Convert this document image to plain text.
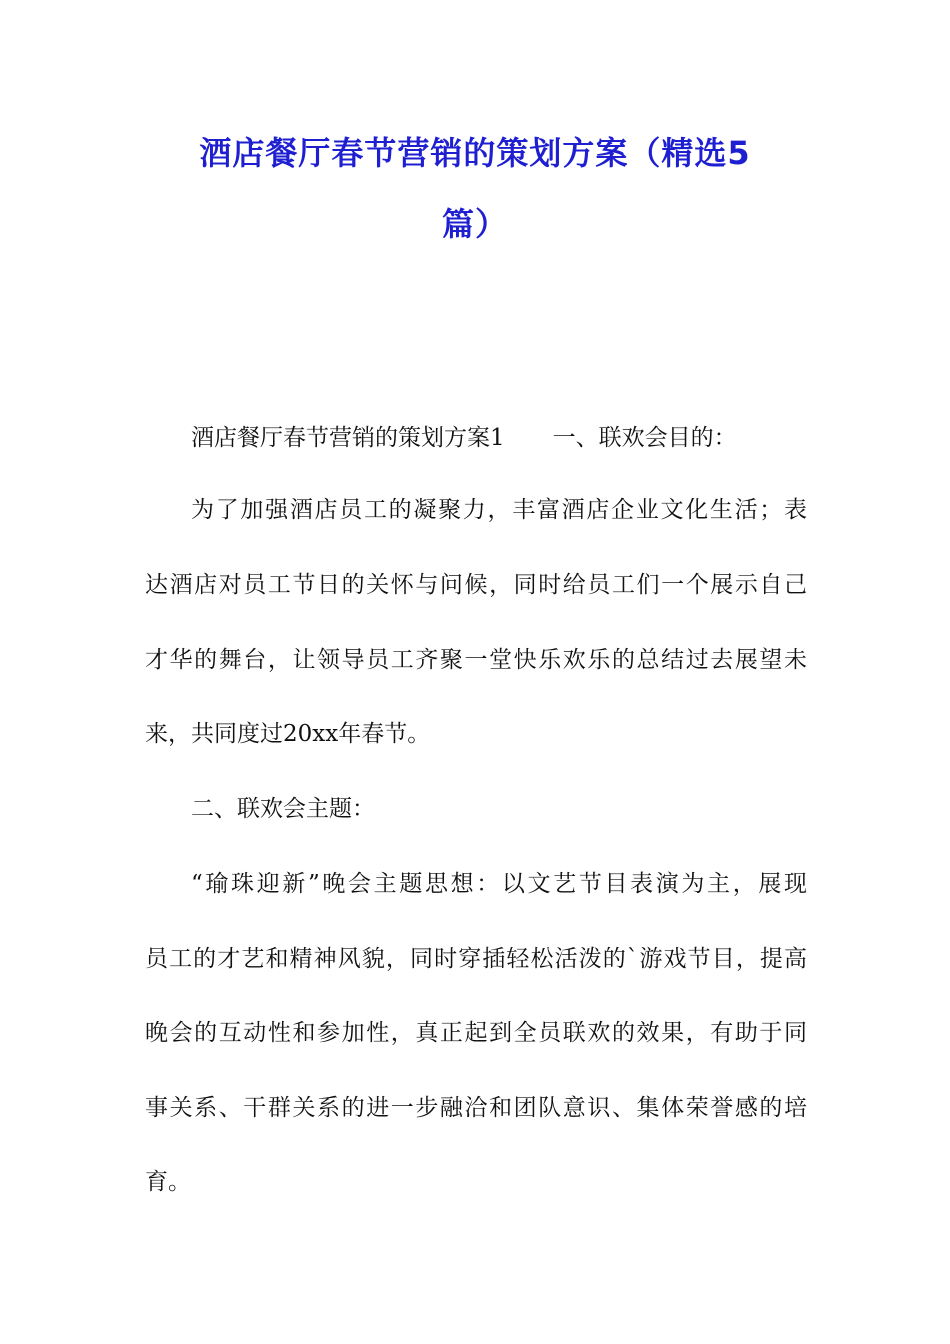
酒店餐厅春节营销的策划方案（精选5
篇）
酒店餐厅春节营销的策划方案1 一、联欢会目的：
为了加强酒店员工的凝聚力，丰富酒店企业文化生活；表
达酒店对员工节日的关怀与问候，同时给员工们一个展示自己
才华的舞台，让领导员工齐聚一堂快乐欢乐的总结过去展望未
来，共同度过20xx年春节。
二、联欢会主题：
“瑜珠迎新”晚会主题思想：以文艺节目表演为主，展现
员工的才艺和精神风貌，同时穿插轻松活泼的`游戏节目，提高
晚会的互动性和参加性，真正起到全员联欢的效果，有助于同
事关系、干群关系的进一步融洽和团队意识、集体荣誉感的培
育。
